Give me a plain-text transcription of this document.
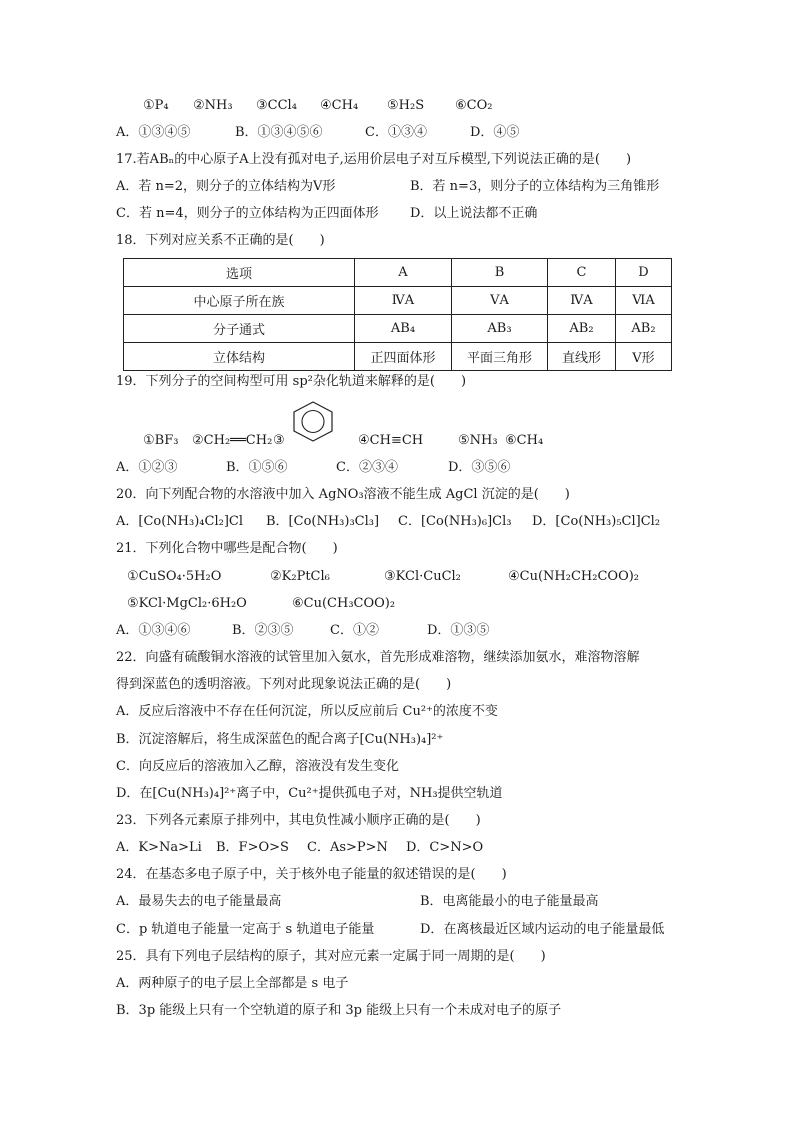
①P₄ ②NH₃ ③CCl₄ ④CH₄ ⑤H₂S ⑥CO₂
A．①③④⑤	B．①③④⑤⑥	C．①③④	D．④⑤
17.若ABₙ的中心原子A上没有孤对电子,运用价层电子对互斥模型,下列说法正确的是(　　)
A．若 n=2，则分子的立体结构为V形	B．若 n=3，则分子的立体结构为三角锥形
C．若 n=4，则分子的立体结构为正四面体形 D．以上说法都不正确
18．下列对应关系不正确的是(　　)
选项	A	B	C	D
中心原子所在族	ⅣA	ⅤA	ⅣA	ⅥA
分子通式	AB₄	AB₃	AB₂	AB₂
立体结构	正四面体形	平面三角形	直线形	V形
19．下列分子的空间构型可用 sp²杂化轨道来解释的是(　　)
①BF₃ ②CH₂══CH₂ ③	④CH≡CH	⑤NH₃ ⑥CH₄
A．①②③	B．①⑤⑥	C．②③④	D．③⑤⑥
20．向下列配合物的水溶液中加入 AgNO₃溶液不能生成 AgCl 沉淀的是(　　)
A．[Co(NH₃)₄Cl₂]Cl B．[Co(NH₃)₃Cl₃] C．[Co(NH₃)₆]Cl₃ D．[Co(NH₃)₅Cl]Cl₂
21．下列化合物中哪些是配合物(　　)
①CuSO₄·5H₂O	②K₂PtCl₆	③KCl·CuCl₂	④Cu(NH₂CH₂COO)₂
⑤KCl·MgCl₂·6H₂O	⑥Cu(CH₃COO)₂
A．①③④⑥	B．②③⑤	C．①②	D．①③⑤
22．向盛有硫酸铜水溶液的试管里加入氨水，首先形成难溶物，继续添加氨水，难溶物溶解
得到深蓝色的透明溶液。下列对此现象说法正确的是(　　)
A．反应后溶液中不存在任何沉淀，所以反应前后 Cu²⁺的浓度不变
B．沉淀溶解后，将生成深蓝色的配合离子[Cu(NH₃)₄]²⁺
C．向反应后的溶液加入乙醇，溶液没有发生变化
D．在[Cu(NH₃)₄]²⁺离子中，Cu²⁺提供孤电子对，NH₃提供空轨道
23．下列各元素原子排列中，其电负性减小顺序正确的是(　　)
A．K>Na>Li B．F>O>S C．As>P>N D．C>N>O
24．在基态多电子原子中，关于核外电子能量的叙述错误的是(　　)
A．最易失去的电子能量最高	B．电离能最小的电子能量最高
C．p 轨道电子能量一定高于 s 轨道电子能量	D．在离核最近区域内运动的电子能量最低
25．具有下列电子层结构的原子，其对应元素一定属于同一周期的是(　　)
A．两种原子的电子层上全部都是 s 电子
B．3p 能级上只有一个空轨道的原子和 3p 能级上只有一个未成对电子的原子
